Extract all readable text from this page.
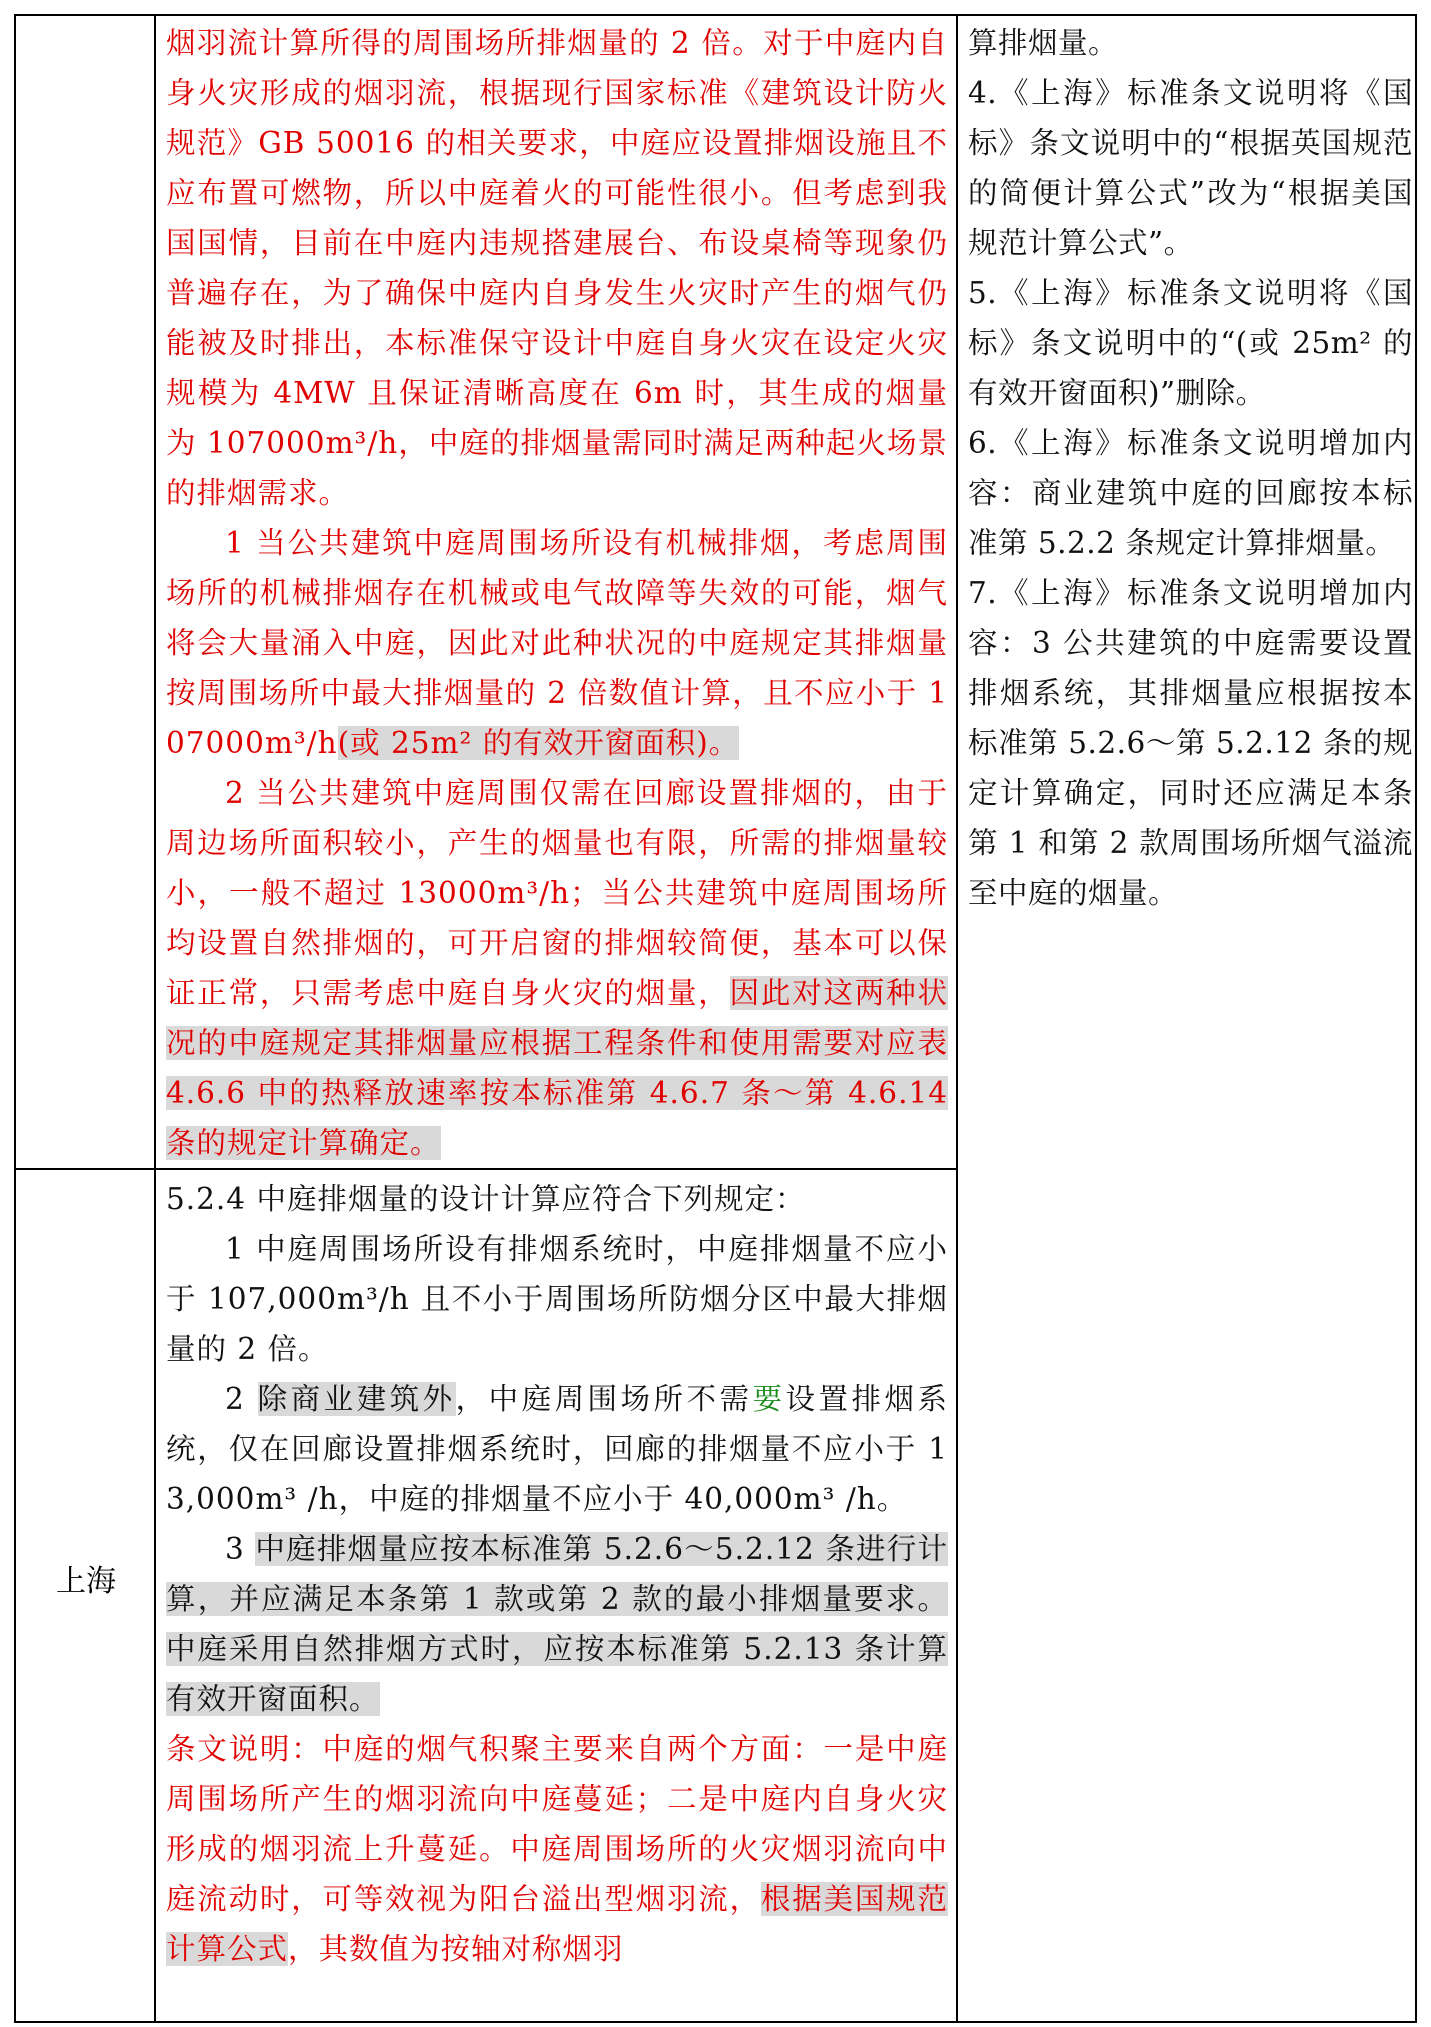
上海

烟羽流计算所得的周围场所排烟量的 2 倍。对于中庭内自身火灾形成的烟羽流，根据现行国家标准《建筑设计防火规范》GB 50016 的相关要求，中庭应设置排烟设施且不应布置可燃物，所以中庭着火的可能性很小。但考虑到我国国情，目前在中庭内违规搭建展台、布设桌椅等现象仍普遍存在，为了确保中庭内自身发生火灾时产生的烟气仍能被及时排出，本标准保守设计中庭自身火灾在设定火灾规模为 4MW 且保证清晰高度在 6m 时，其生成的烟量为 107000m³/h，中庭的排烟量需同时满足两种起火场景的排烟需求。

1 当公共建筑中庭周围场所设有机械排烟，考虑周围场所的机械排烟存在机械或电气故障等失效的可能，烟气将会大量涌入中庭，因此对此种状况的中庭规定其排烟量按周围场所中最大排烟量的 2 倍数值计算，且不应小于 107000m³/h(或 25m² 的有效开窗面积)。

2 当公共建筑中庭周围仅需在回廊设置排烟的，由于周边场所面积较小，产生的烟量也有限，所需的排烟量较小，一般不超过 13000m³/h；当公共建筑中庭周围场所均设置自然排烟的，可开启窗的排烟较简便，基本可以保证正常，只需考虑中庭自身火灾的烟量，因此对这两种状况的中庭规定其排烟量应根据工程条件和使用需要对应表 4.6.6 中的热释放速率按本标准第 4.6.7 条～第 4.6.14 条的规定计算确定。

5.2.4 中庭排烟量的设计计算应符合下列规定：

1 中庭周围场所设有排烟系统时，中庭排烟量不应小于 107,000m³/h 且不小于周围场所防烟分区中最大排烟量的 2 倍。

2 除商业建筑外，中庭周围场所不需要设置排烟系统，仅在回廊设置排烟系统时，回廊的排烟量不应小于 13,000m³ /h，中庭的排烟量不应小于 40,000m³ /h。

3 中庭排烟量应按本标准第 5.2.6～5.2.12 条进行计算，并应满足本条第 1 款或第 2 款的最小排烟量要求。中庭采用自然排烟方式时，应按本标准第 5.2.13 条计算有效开窗面积。

条文说明：中庭的烟气积聚主要来自两个方面：一是中庭周围场所产生的烟羽流向中庭蔓延；二是中庭内自身火灾形成的烟羽流上升蔓延。中庭周围场所的火灾烟羽流向中庭流动时，可等效视为阳台溢出型烟羽流，根据美国规范计算公式，其数值为按轴对称烟羽

算排烟量。

4.《上海》标准条文说明将《国标》条文说明中的“根据英国规范的简便计算公式”改为“根据美国规范计算公式”。

5.《上海》标准条文说明将《国标》条文说明中的“(或 25m² 的有效开窗面积)”删除。

6.《上海》标准条文说明增加内容：商业建筑中庭的回廊按本标准第 5.2.2 条规定计算排烟量。

7.《上海》标准条文说明增加内容：3 公共建筑的中庭需要设置排烟系统，其排烟量应根据按本标准第 5.2.6～第 5.2.12 条的规定计算确定，同时还应满足本条第 1 和第 2 款周围场所烟气溢流至中庭的烟量。
